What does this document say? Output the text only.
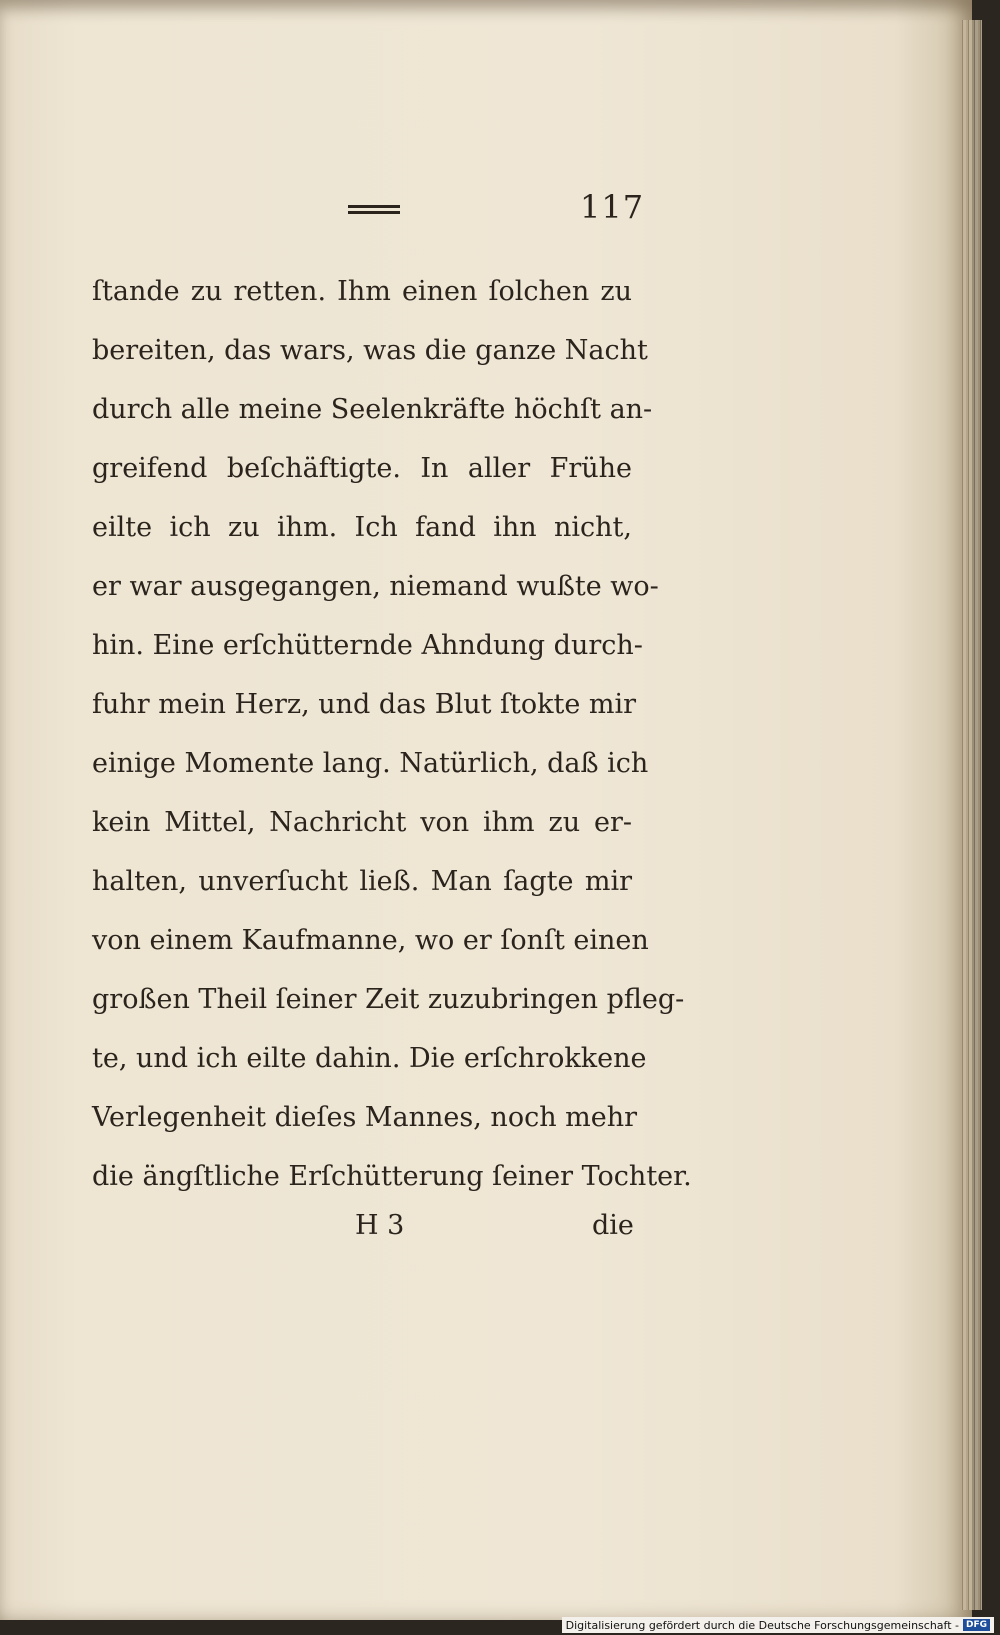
117
ſtande zu retten. Ihm einen ſolchen zu
bereiten, das wars, was die ganze Nacht
durch alle meine Seelenkräfte höchſt an-
greifend beſchäftigte. In aller Frühe
eilte ich zu ihm. Ich fand ihn nicht,
er war ausgegangen, niemand wußte wo-
hin. Eine erſchütternde Ahndung durch-
fuhr mein Herz, und das Blut ſtokte mir
einige Momente lang. Natürlich, daß ich
kein Mittel, Nachricht von ihm zu er-
halten, unverſucht ließ. Man ſagte mir
von einem Kaufmanne, wo er ſonſt einen
großen Theil ſeiner Zeit zuzubringen pfleg-
te, und ich eilte dahin. Die erſchrokkene
Verlegenheit dieſes Mannes, noch mehr
die ängſtliche Erſchütterung ſeiner Tochter.
H 3	die
Digitalisierung gefördert durch die Deutsche Forschungsgemeinschaft - DFG
